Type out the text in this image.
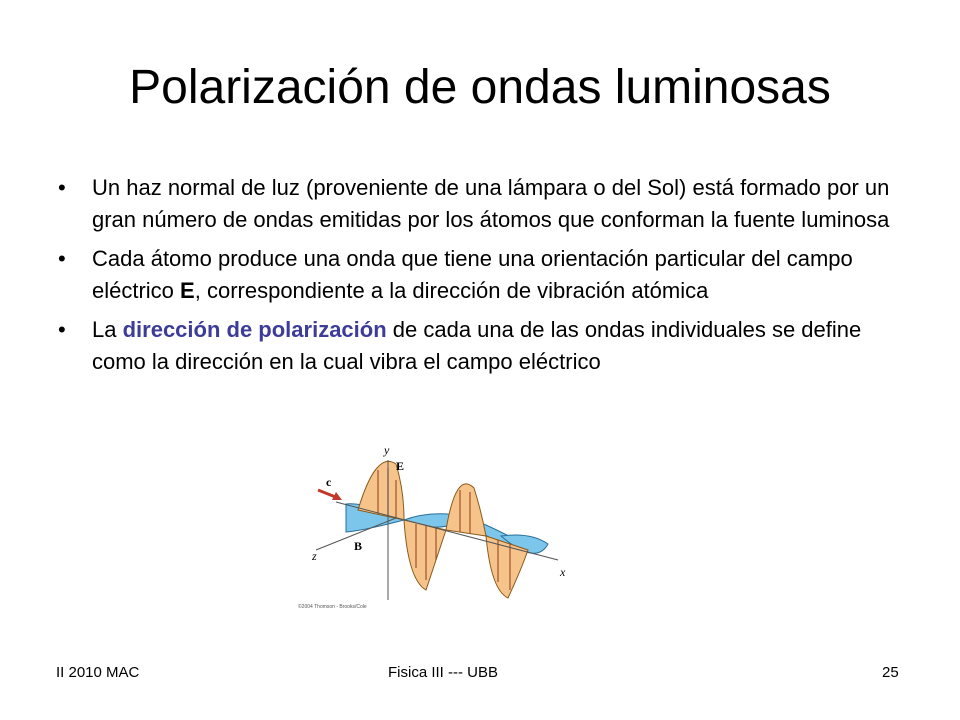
Polarización de ondas luminosas
• Un haz normal de luz (proveniente de una lámpara o del Sol) está formado por un gran número de ondas emitidas por los átomos que conforman la fuente luminosa
• Cada átomo produce una onda que tiene una orientación particular del campo eléctrico E, correspondiente a la dirección de vibración atómica
• La dirección de polarización de cada una de las ondas individuales se define como la dirección en la cual vibra el campo eléctrico
y
E
c
z
B
x
©2004 Thomson - Brooks/Cole
II 2010 MAC	Fisica III --- UBB	25
